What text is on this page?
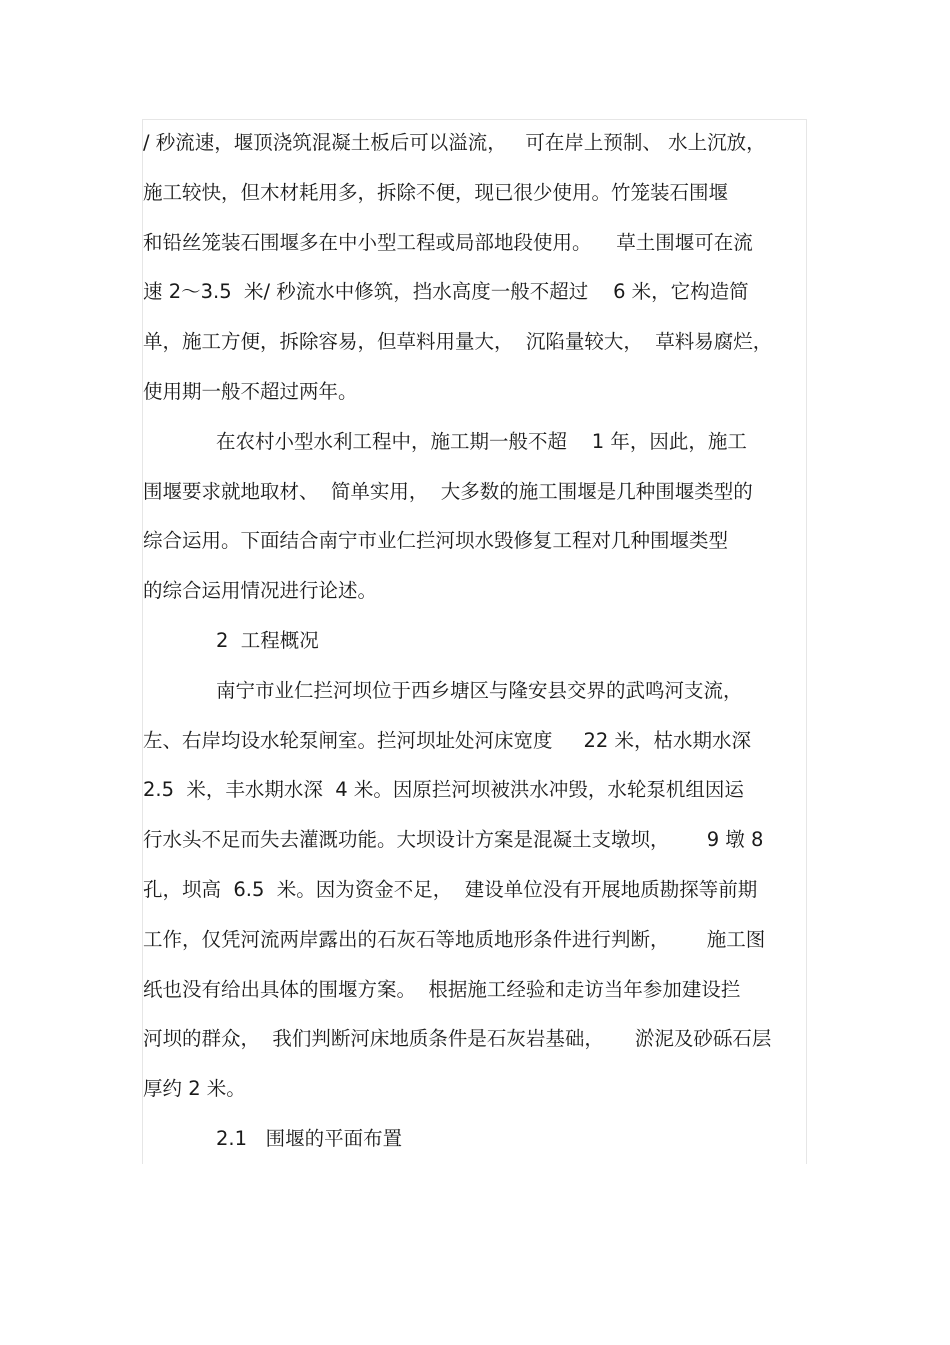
/ 秒流速，堰顶浇筑混凝土板后可以溢流，   可在岸上预制、 水上沉放，
施工较快，但木材耗用多，拆除不便，现已很少使用。竹笼装石围堰
和铅丝笼装石围堰多在中小型工程或局部地段使用。    草土围堰可在流
速 2～3.5  米/ 秒流水中修筑，挡水高度一般不超过    6 米，它构造简
单，施工方便，拆除容易，但草料用量大，  沉陷量较大，  草料易腐烂，
使用期一般不超过两年。
在农村小型水利工程中，施工期一般不超    1 年，因此，施工
围堰要求就地取材、  简单实用，  大多数的施工围堰是几种围堰类型的
综合运用。下面结合南宁市业仁拦河坝水毁修复工程对几种围堰类型
的综合运用情况进行论述。
2  工程概况
南宁市业仁拦河坝位于西乡塘区与隆安县交界的武鸣河支流，
左、右岸均设水轮泵闸室。拦河坝址处河床宽度     22 米，枯水期水深
2.5  米，丰水期水深  4 米。因原拦河坝被洪水冲毁，水轮泵机组因运
行水头不足而失去灌溉功能。大坝设计方案是混凝土支墩坝，      9 墩 8
孔，坝高  6.5  米。因为资金不足，  建设单位没有开展地质勘探等前期
工作，仅凭河流两岸露出的石灰石等地质地形条件进行判断，      施工图
纸也没有给出具体的围堰方案。  根据施工经验和走访当年参加建设拦
河坝的群众，  我们判断河床地质条件是石灰岩基础，     淤泥及砂砾石层
厚约 2 米。
2.1   围堰的平面布置
